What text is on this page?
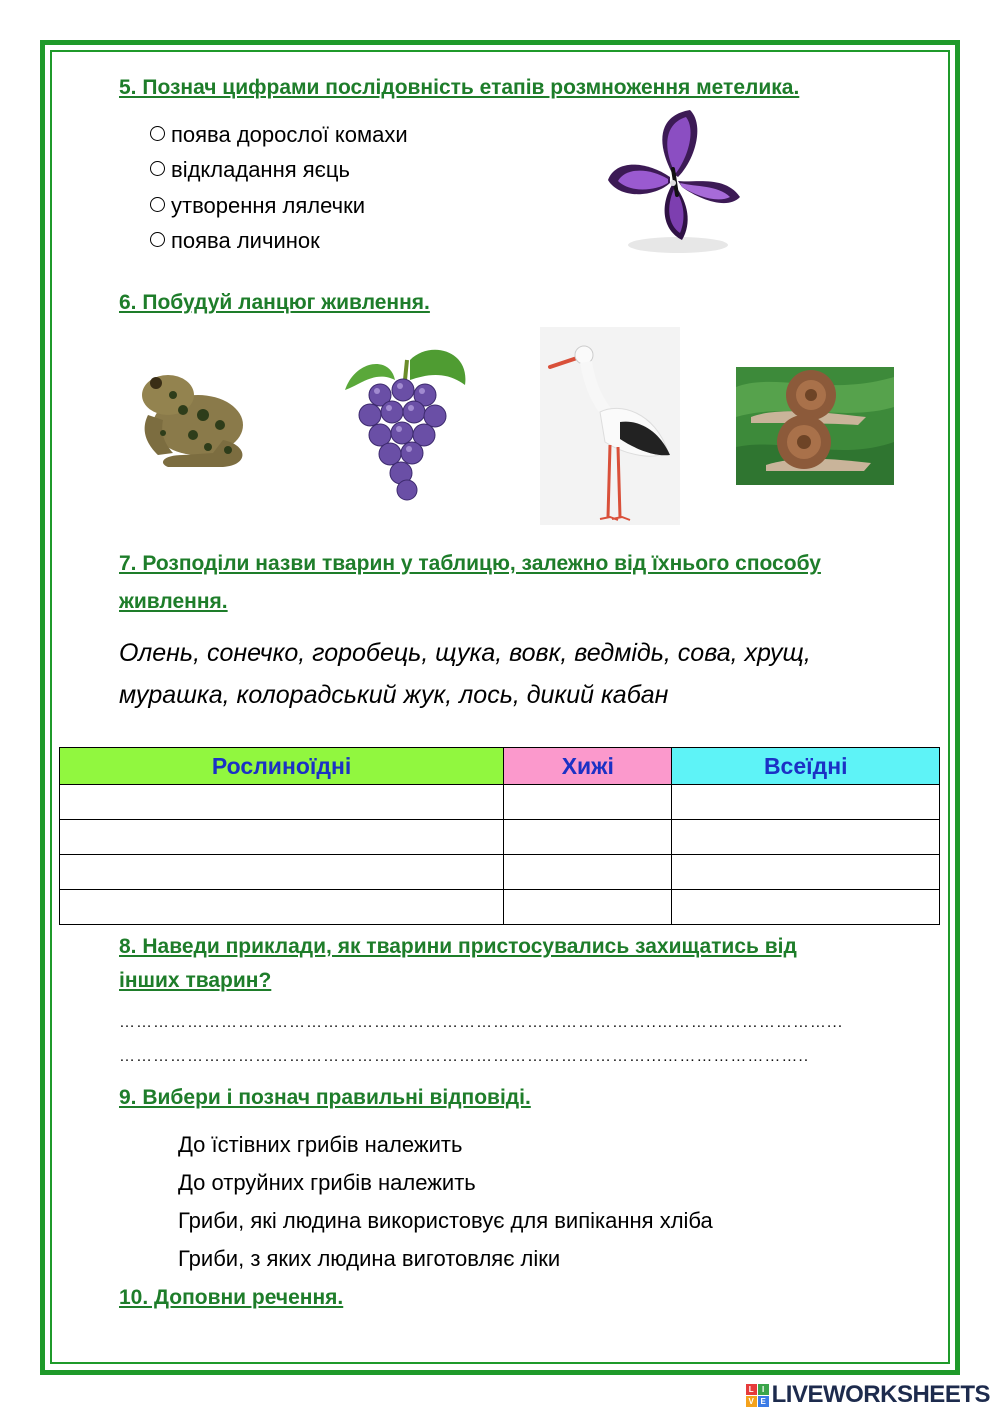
5. Познач цифрами послідовність етапів розмноження метелика.
поява дорослої комахи
відкладання яєць
утворення лялечки
поява личинок
6. Побудуй ланцюг живлення.
7. Розподіли назви тварин у таблицю, залежно від їхнього способу
живлення.
Олень, сонечко, горобець, щука, вовк, ведмідь, сова, хрущ,
мурашка, колорадський жук, лось, дикий кабан
Рослиноїдні	Хижі	Всеїдні

8. Наведи приклади, як тварини пристосувались захищатись від
інших тварин?
…………………………………………………………………………………..…………………………...
…………………………………………………………………………………...……………………..
9. Вибери і познач правильні відповіді.
До їстівних грибів належить
До отруйних грибів належить
Гриби, які людина використовує для випікання хліба
Гриби, з яких людина виготовляє ліки
10. Доповни речення.
L	I
V E LIVEWORKSHEETS
